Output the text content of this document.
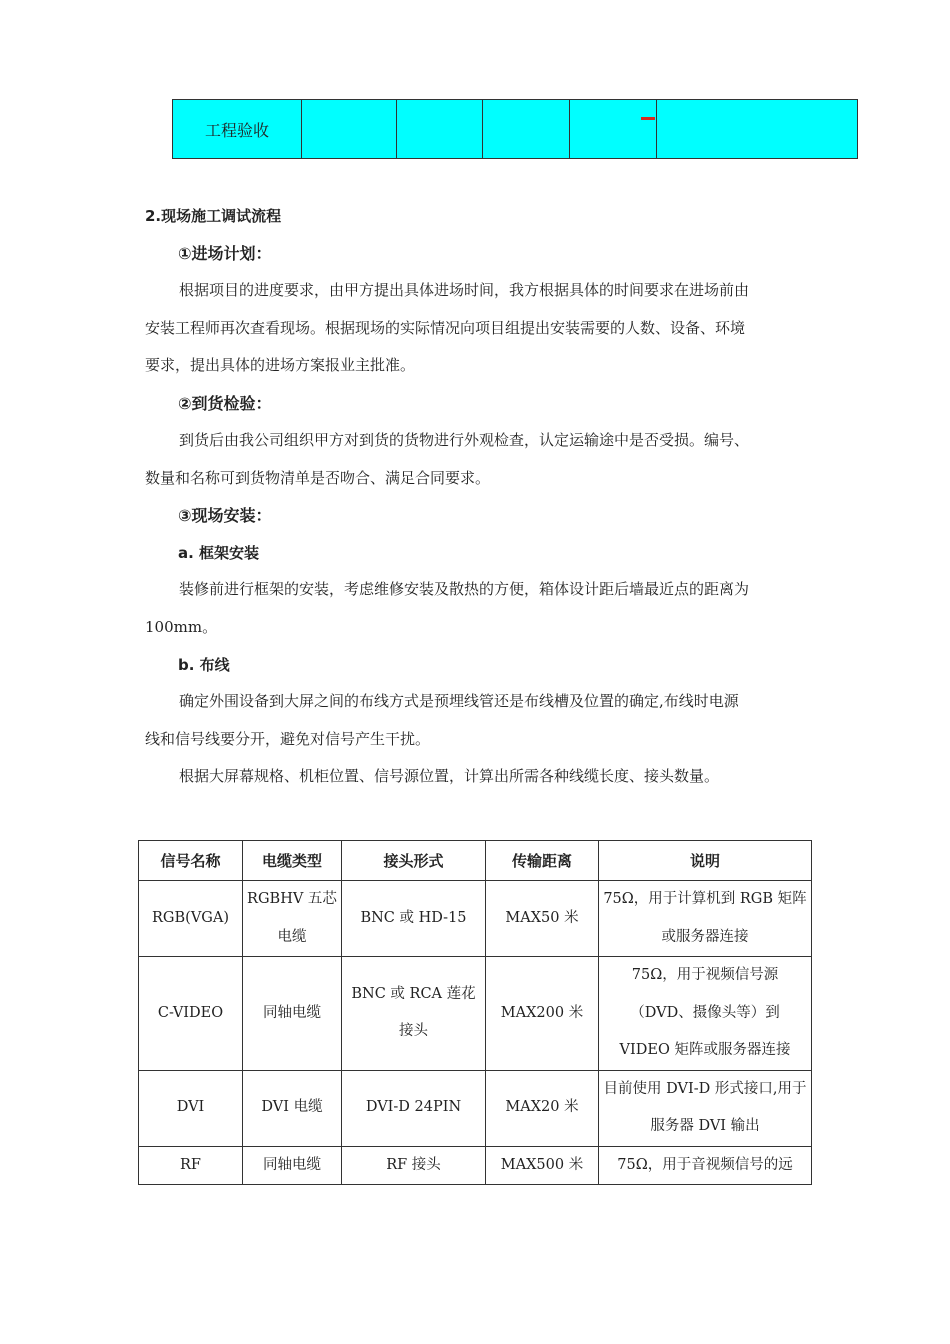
工程验收					
2.现场施工调试流程
①进场计划：
根据项目的进度要求，由甲方提出具体进场时间，我方根据具体的时间要求在进场前由
安装工程师再次查看现场。根据现场的实际情况向项目组提出安装需要的人数、设备、环境
要求，提出具体的进场方案报业主批准。
②到货检验：
到货后由我公司组织甲方对到货的货物进行外观检查，认定运输途中是否受损。编号、
数量和名称可到货物清单是否吻合、满足合同要求。
③现场安装：
a. 框架安装
装修前进行框架的安装，考虑维修安装及散热的方便，箱体设计距后墙最近点的距离为
100mm。
b. 布线
确定外围设备到大屏之间的布线方式是预埋线管还是布线槽及位置的确定,布线时电源
线和信号线要分开，避免对信号产生干扰。
根据大屏幕规格、机柜位置、信号源位置，计算出所需各种线缆长度、接头数量。
信号名称	电缆类型	接头形式	传输距离	说明
RGB(VGA)	RGBHV 五芯电缆	BNC 或 HD-15	MAX50 米	75Ω，用于计算机到 RGB 矩阵或服务器连接
C-VIDEO	同轴电缆	BNC 或 RCA 莲花接头	MAX200 米	75Ω，用于视频信号源（DVD、摄像头等）到 VIDEO 矩阵或服务器连接
DVI	DVI 电缆	DVI-D 24PIN	MAX20 米	目前使用 DVI-D 形式接口,用于服务器 DVI 输出
RF	同轴电缆	RF 接头	MAX500 米	75Ω，用于音视频信号的远
